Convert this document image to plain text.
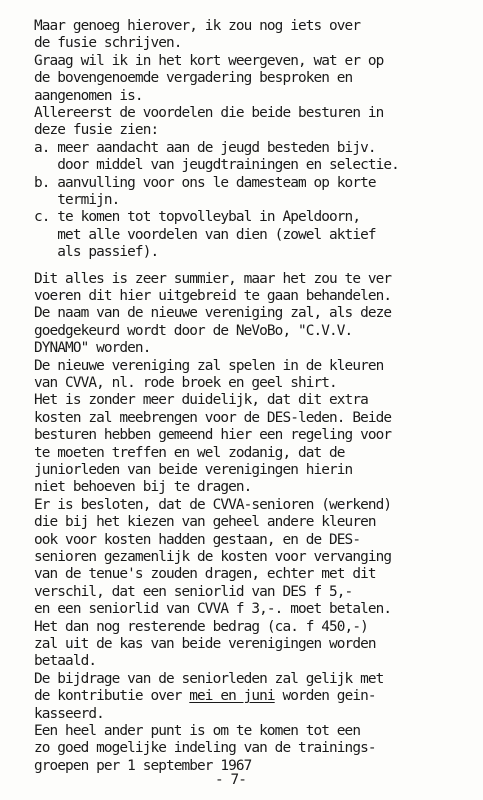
Maar genoeg hierover, ik zou nog iets over

de fusie schrijven.

Graag wil ik in het kort weergeven, wat er op

de bovengenoemde vergadering besproken en

aangenomen is.

Allereerst de voordelen die beide besturen in

deze fusie zien:

a. meer aandacht aan de jeugd besteden bijv.

door middel van jeugdtrainingen en selectie.

b. aanvulling voor ons le damesteam op korte

termijn.

c. te komen tot topvolleybal in Apeldoorn,

met alle voordelen van dien (zowel aktief

als passief).

Dit alles is zeer summier, maar het zou te ver

voeren dit hier uitgebreid te gaan behandelen.

De naam van de nieuwe vereniging zal, als deze

goedgekeurd wordt door de NeVoBo, "C.V.V.

DYNAMO" worden.

De nieuwe vereniging zal spelen in de kleuren

van CVVA, nl. rode broek en geel shirt.

Het is zonder meer duidelijk, dat dit extra

kosten zal meebrengen voor de DES-leden. Beide

besturen hebben gemeend hier een regeling voor

te moeten treffen en wel zodanig, dat de

juniorleden van beide verenigingen hierin

niet behoeven bij te dragen.

Er is besloten, dat de CVVA-senioren (werkend)

die bij het kiezen van geheel andere kleuren

ook voor kosten hadden gestaan, en de DES-

senioren gezamenlijk de kosten voor vervanging

van de tenue's zouden dragen, echter met dit

verschil, dat een seniorlid van DES f 5,-

en een seniorlid van CVVA f 3,-. moet betalen.

Het dan nog resterende bedrag (ca. f 450,-)

zal uit de kas van beide verenigingen worden

betaald.

De bijdrage van de seniorleden zal gelijk met

de kontributie over mei en juni worden gein-
kasseerd.
Een heel ander punt is om te komen tot een
zo goed mogelijke indeling van de trainings-
groepen per 1 september 1967
- 7-
